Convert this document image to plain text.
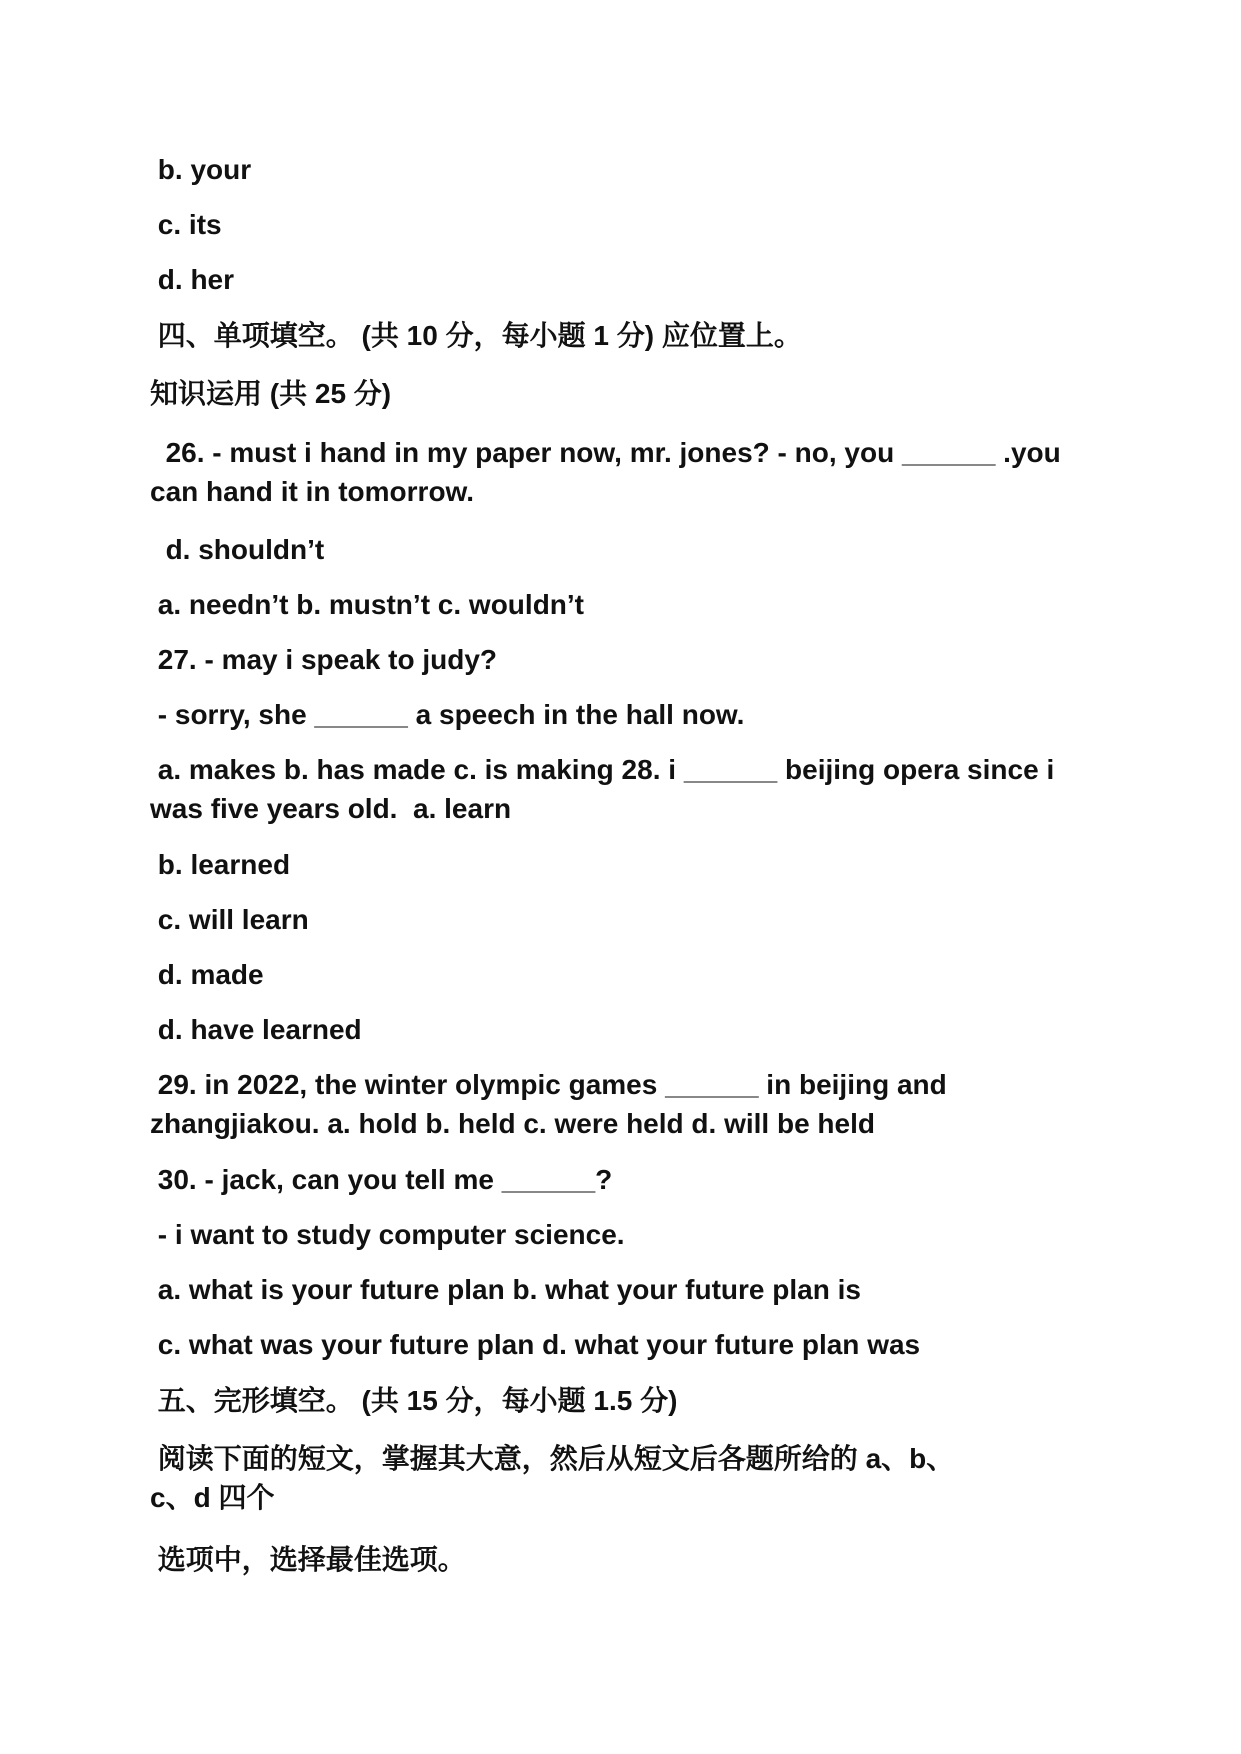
b. your

c. its

d. her

四、单项填空。 (共 10 分，每小题 1 分) 应位置上。

知识运用 (共 25 分)

26. - must i hand in my paper now, mr. jones? - no, you ______ .you can hand it in tomorrow.

d. shouldn’t

a. needn’t b. mustn’t c. wouldn’t

27. - may i speak to judy?

- sorry, she ______ a speech in the hall now.

a. makes b. has made c. is making 28. i ______ beijing opera since i was five years old.  a. learn

b. learned

c. will learn

d. made

d. have learned

29. in 2022, the winter olympic games ______ in beijing and zhangjiakou. a. hold b. held c. were held d. will be held

30. - jack, can you tell me ______?

- i want to study computer science.

a. what is your future plan b. what your future plan is

c. what was your future plan d. what your future plan was

五、完形填空。 (共 15 分，每小题 1.5 分)

阅读下面的短文，掌握其大意，然后从短文后各题所给的 a、b、c、d 四个

选项中，选择最佳选项。
